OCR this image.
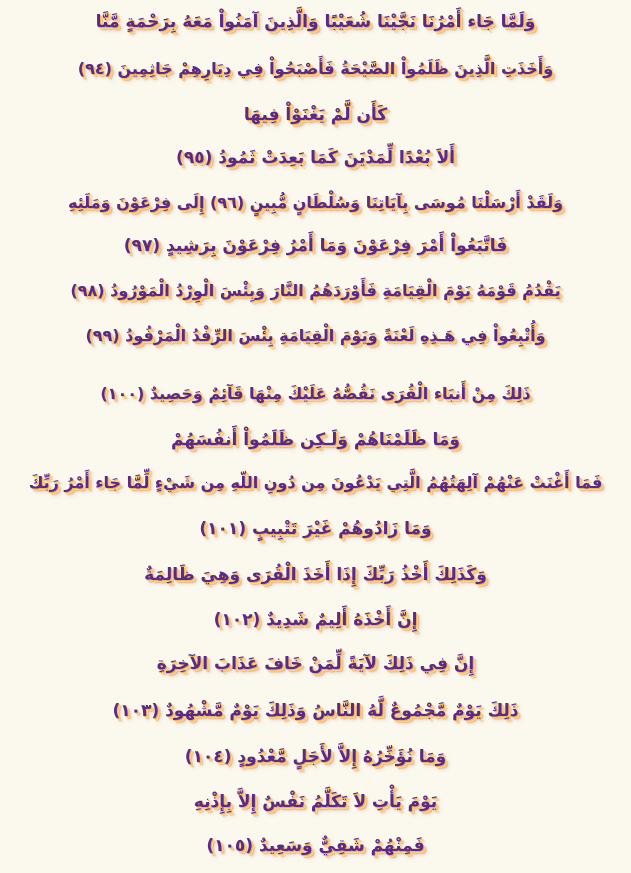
وَلَمَّا جَاء أَمْرُنَا نَجَّيْنَا شُعَيْبًا وَالَّذِينَ آمَنُواْ مَعَهُ بِرَحْمَةٍ مَّنَّا
وَأَخَذَتِ الَّذِينَ ظَلَمُواْ الصَّيْحَةُ فَأَصْبَحُواْ فِي دِيَارِهِمْ جَاثِمِينَ (٩٤)
كَأَن لَّمْ يَغْنَوْاْ فِيهَا
أَلاَ بُعْدًا لِّمَدْيَنَ كَمَا بَعِدَتْ ثَمُودُ (٩٥)
وَلَقَدْ أَرْسَلْنَا مُوسَى بِآيَاتِنَا وَسُلْطَانٍ مُّبِينٍ (٩٦) إِلَى فِرْعَوْنَ وَمَلَئِهِ
فَاتَّبَعُواْ أَمْرَ فِرْعَوْنَ وَمَا أَمْرُ فِرْعَوْنَ بِرَشِيدٍ (٩٧)
يَقْدُمُ قَوْمَهُ يَوْمَ الْقِيَامَةِ فَأَوْرَدَهُمُ النَّارَ وَبِئْسَ الْوِرْدُ الْمَوْرُودُ (٩٨)
وَأُتْبِعُواْ فِي هَـذِهِ لَعْنَةً وَيَوْمَ الْقِيَامَةِ بِئْسَ الرِّفْدُ الْمَرْفُودُ (٩٩)
ذَلِكَ مِنْ أَنبَاء الْقُرَى نَقُصُّهُ عَلَيْكَ مِنْهَا قَآئِمٌ وَحَصِيدٌ (١٠٠)
وَمَا ظَلَمْنَاهُمْ وَلَـكِن ظَلَمُواْ أَنفُسَهُمْ
فَمَا أَغْنَتْ عَنْهُمْ آلِهَتُهُمُ الَّتِي يَدْعُونَ مِن دُونِ اللّهِ مِن شَيْءٍ لِّمَّا جَاء أَمْرُ رَبِّكَ
وَمَا زَادُوهُمْ غَيْرَ تَتْبِيبٍ (١٠١)
وَكَذَلِكَ أَخْذُ رَبِّكَ إِذَا أَخَذَ الْقُرَى وَهِيَ ظَالِمَةٌ
إِنَّ أَخْذَهُ أَلِيمٌ شَدِيدٌ (١٠٢)
إِنَّ فِي ذَلِكَ لآيَةً لِّمَنْ خَافَ عَذَابَ الآخِرَةِ
ذَلِكَ يَوْمٌ مَّجْمُوعٌ لَّهُ النَّاسُ وَذَلِكَ يَوْمٌ مَّشْهُودٌ (١٠٣)
وَمَا نُؤَخِّرُهُ إِلاَّ لأَجَلٍ مَّعْدُودٍ (١٠٤)
يَوْمَ يَأْتِ لاَ تَكَلَّمُ نَفْسٌ إِلاَّ بِإِذْنِهِ
فَمِنْهُمْ شَقِيٌّ وَسَعِيدٌ (١٠٥)
